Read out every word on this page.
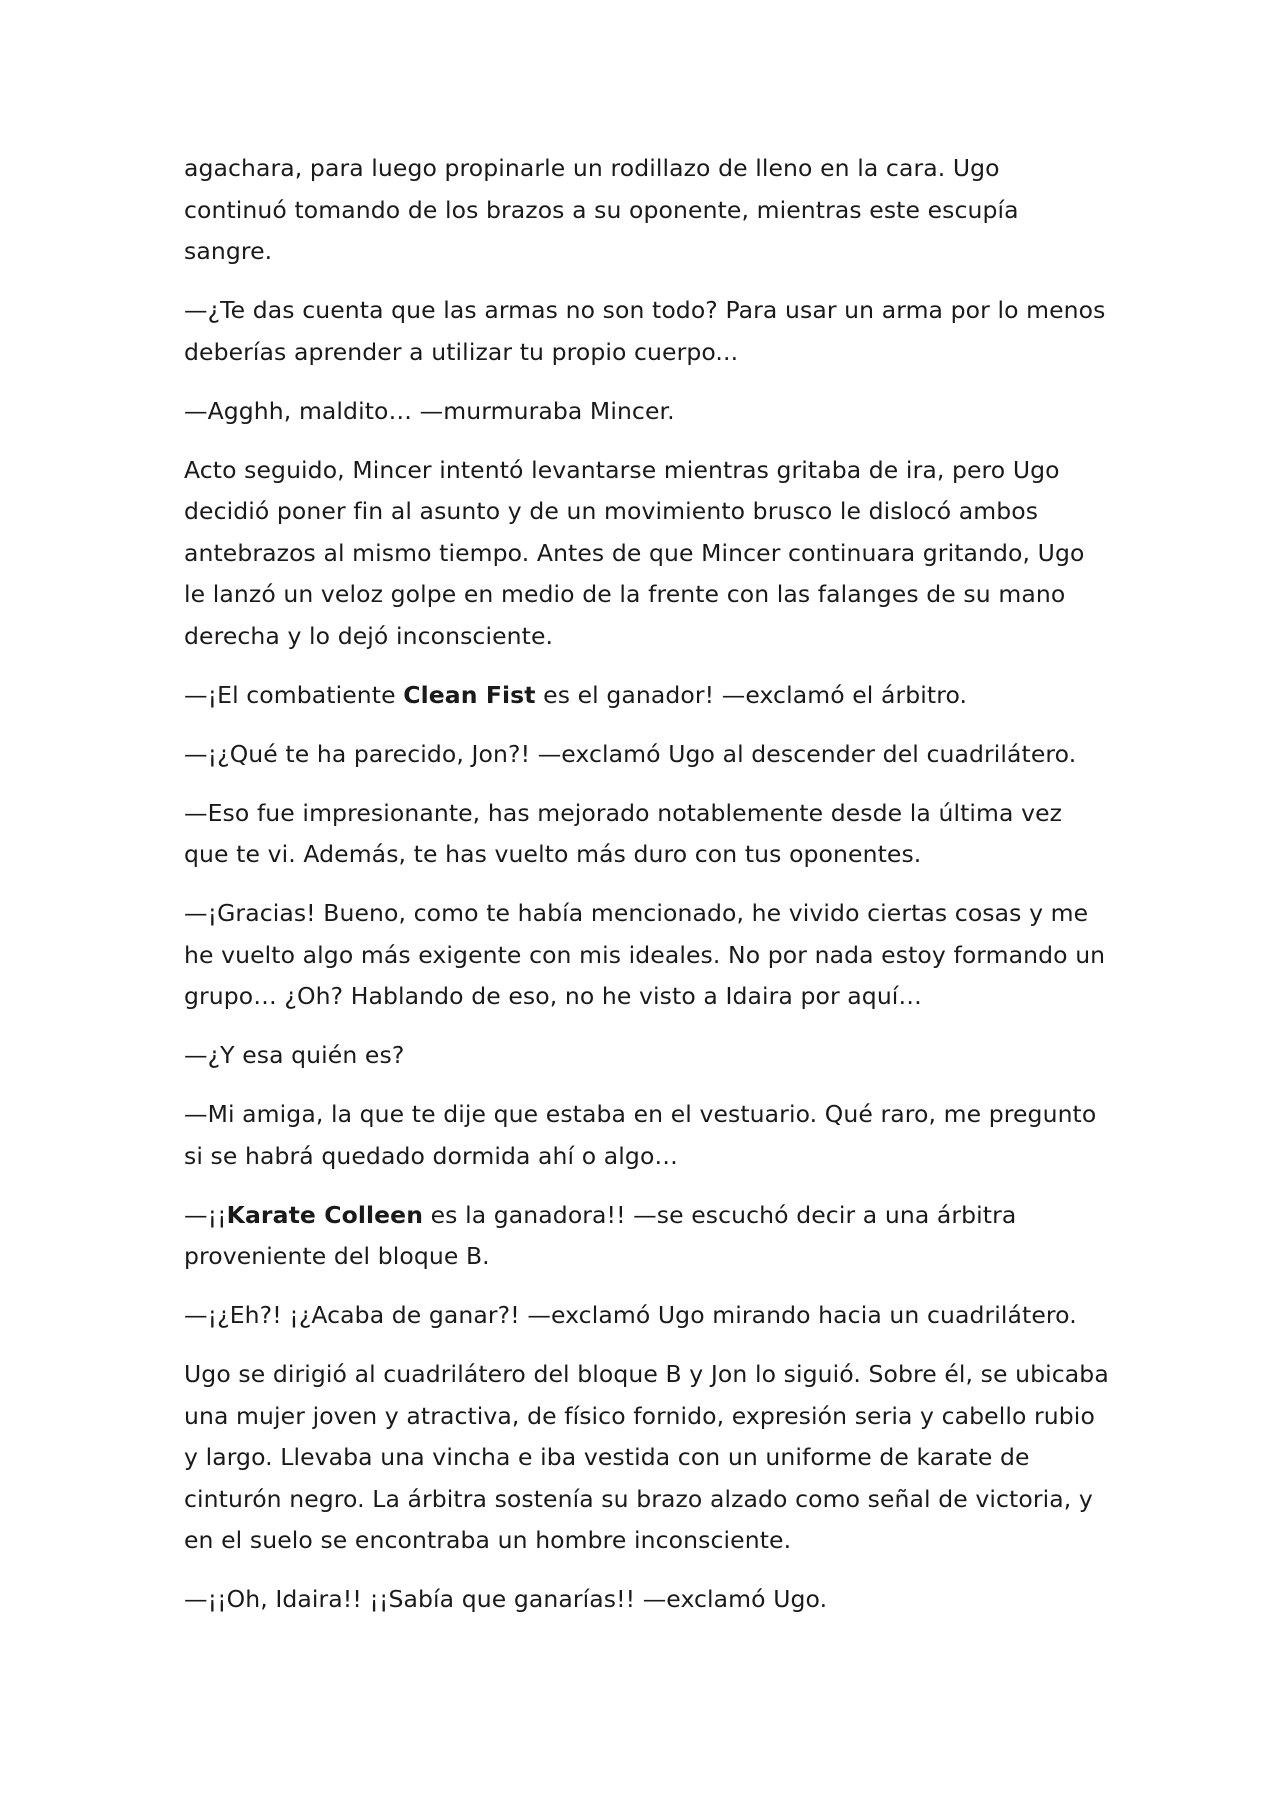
agachara, para luego propinarle un rodillazo de lleno en la cara. Ugo continuó tomando de los brazos a su oponente, mientras este escupía sangre.

—¿Te das cuenta que las armas no son todo? Para usar un arma por lo menos deberías aprender a utilizar tu propio cuerpo...

—Agghh, maldito… —murmuraba Mincer.

Acto seguido, Mincer intentó levantarse mientras gritaba de ira, pero Ugo decidió poner fin al asunto y de un movimiento brusco le dislocó ambos antebrazos al mismo tiempo. Antes de que Mincer continuara gritando, Ugo le lanzó un veloz golpe en medio de la frente con las falanges de su mano derecha y lo dejó inconsciente.

—¡El combatiente Clean Fist es el ganador! —exclamó el árbitro.

—¡¿Qué te ha parecido, Jon?! —exclamó Ugo al descender del cuadrilátero.

—Eso fue impresionante, has mejorado notablemente desde la última vez que te vi. Además, te has vuelto más duro con tus oponentes.

—¡Gracias! Bueno, como te había mencionado, he vivido ciertas cosas y me he vuelto algo más exigente con mis ideales. No por nada estoy formando un grupo… ¿Oh? Hablando de eso, no he visto a Idaira por aquí…

—¿Y esa quién es?

—Mi amiga, la que te dije que estaba en el vestuario. Qué raro, me pregunto si se habrá quedado dormida ahí o algo…

—¡¡Karate Colleen es la ganadora!! —se escuchó decir a una árbitra proveniente del bloque B.

—¡¿Eh?! ¡¿Acaba de ganar?! —exclamó Ugo mirando hacia un cuadrilátero.

Ugo se dirigió al cuadrilátero del bloque B y Jon lo siguió. Sobre él, se ubicaba una mujer joven y atractiva, de físico fornido, expresión seria y cabello rubio y largo. Llevaba una vincha e iba vestida con un uniforme de karate de cinturón negro. La árbitra sostenía su brazo alzado como señal de victoria, y en el suelo se encontraba un hombre inconsciente.

—¡¡Oh, Idaira!! ¡¡Sabía que ganarías!! —exclamó Ugo.
